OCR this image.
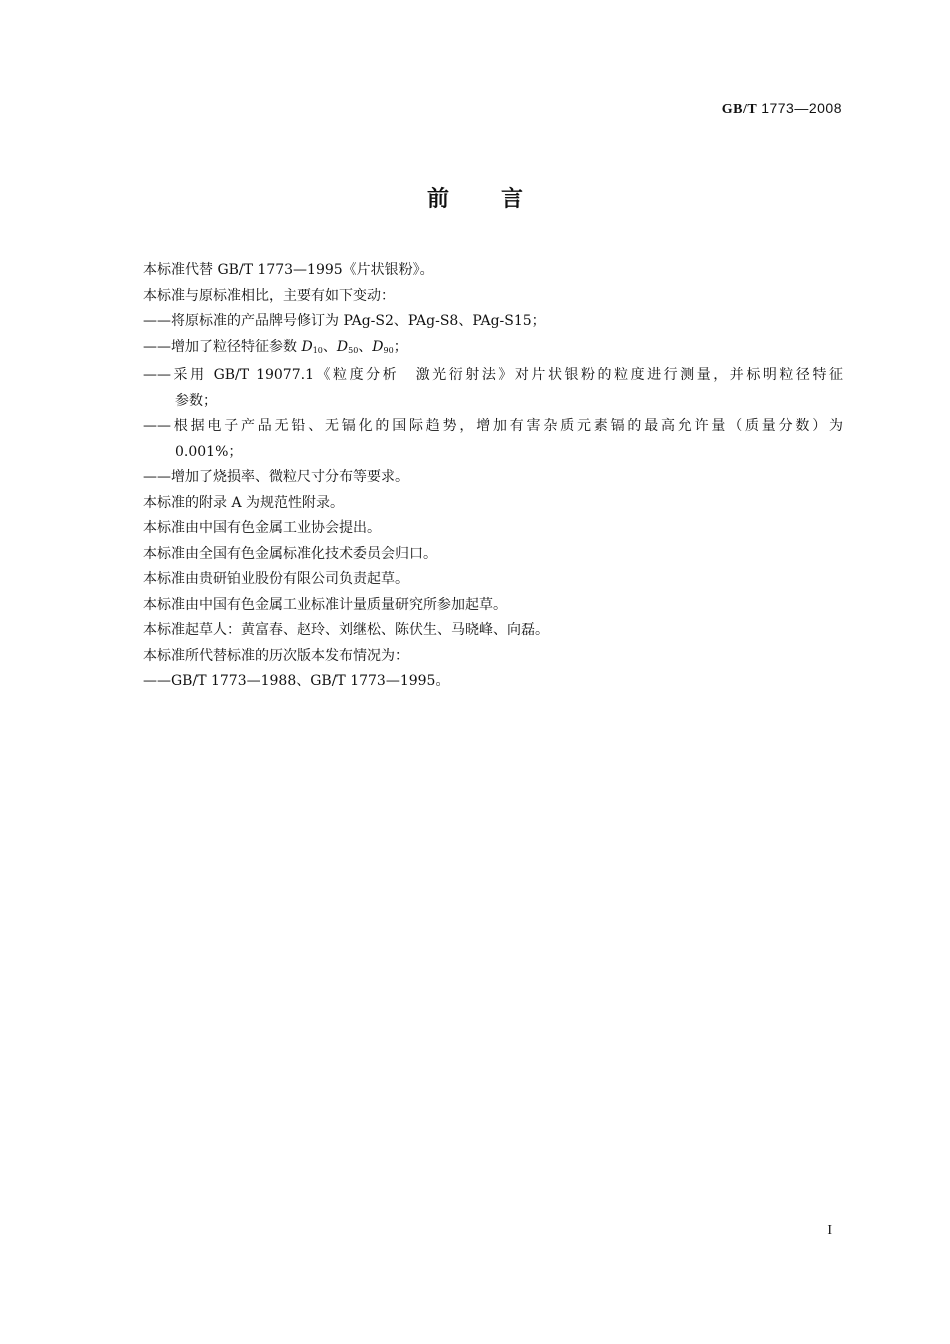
GB/T 1773—2008
前言

本标准代替 GB/T 1773—1995《片状银粉》。

本标准与原标准相比，主要有如下变动：

——将原标准的产品牌号修订为 PAg-S2、PAg-S8、PAg-S15；

——增加了粒径特征参数 $D_{10}$、$D_{50}$、$D_{90}$；

——采用 GB/T 19077.1《粒度分析　激光衍射法》对片状银粉的粒度进行测量，并标明粒径特征

参数；

——根据电子产品无铅、无镉化的国际趋势，增加有害杂质元素镉的最高允许量（质量分数）为

0.001%；

——增加了烧损率、微粒尺寸分布等要求。

本标准的附录 A 为规范性附录。

本标准由中国有色金属工业协会提出。

本标准由全国有色金属标准化技术委员会归口。

本标准由贵研铂业股份有限公司负责起草。

本标准由中国有色金属工业标准计量质量研究所参加起草。

本标准起草人：黄富春、赵玲、刘继松、陈伏生、马晓峰、向磊。

本标准所代替标准的历次版本发布情况为：

——GB/T 1773—1988、GB/T 1773—1995。

I
